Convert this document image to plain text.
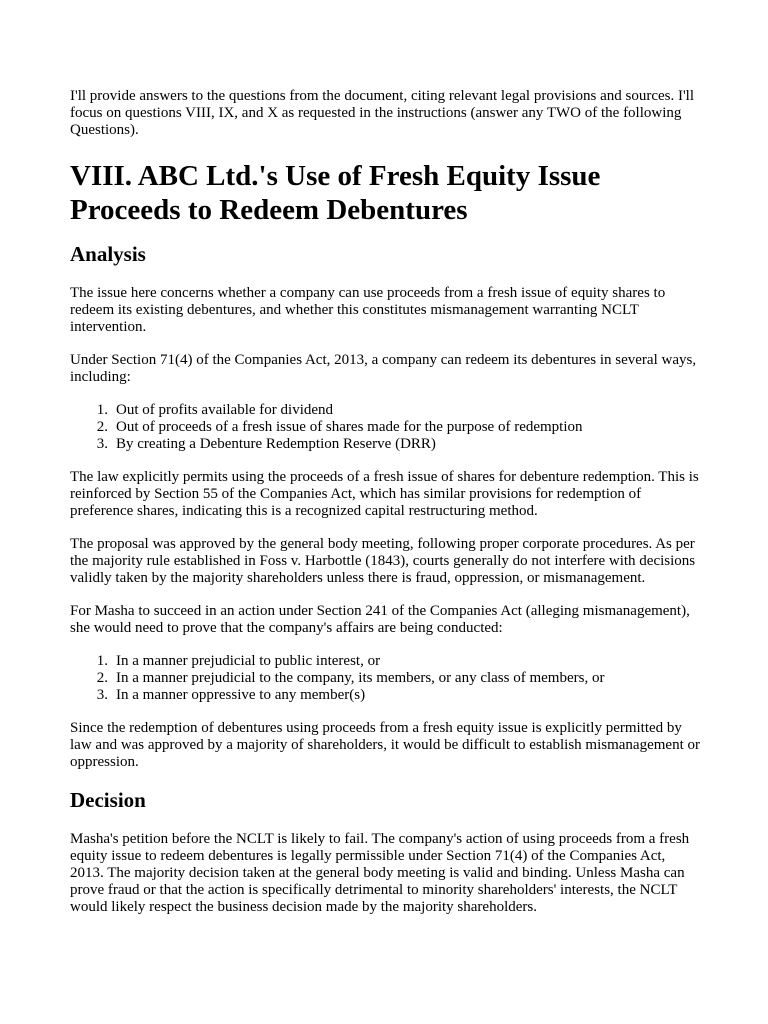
I'll provide answers to the questions from the document, citing relevant legal provisions and sources. I'll focus on questions VIII, IX, and X as requested in the instructions (answer any TWO of the following Questions).

VIII. ABC Ltd.'s Use of Fresh Equity Issue Proceeds to Redeem Debentures
Analysis

The issue here concerns whether a company can use proceeds from a fresh issue of equity shares to redeem its existing debentures, and whether this constitutes mismanagement warranting NCLT intervention.

Under Section 71(4) of the Companies Act, 2013, a company can redeem its debentures in several ways, including:

1. Out of profits available for dividend
2. Out of proceeds of a fresh issue of shares made for the purpose of redemption
3. By creating a Debenture Redemption Reserve (DRR)

The law explicitly permits using the proceeds of a fresh issue of shares for debenture redemption. This is reinforced by Section 55 of the Companies Act, which has similar provisions for redemption of preference shares, indicating this is a recognized capital restructuring method.

The proposal was approved by the general body meeting, following proper corporate procedures. As per the majority rule established in Foss v. Harbottle (1843), courts generally do not interfere with decisions validly taken by the majority shareholders unless there is fraud, oppression, or mismanagement.

For Masha to succeed in an action under Section 241 of the Companies Act (alleging mismanagement), she would need to prove that the company's affairs are being conducted:

1. In a manner prejudicial to public interest, or
2. In a manner prejudicial to the company, its members, or any class of members, or
3. In a manner oppressive to any member(s)

Since the redemption of debentures using proceeds from a fresh equity issue is explicitly permitted by law and was approved by a majority of shareholders, it would be difficult to establish mismanagement or oppression.

Decision

Masha's petition before the NCLT is likely to fail. The company's action of using proceeds from a fresh equity issue to redeem debentures is legally permissible under Section 71(4) of the Companies Act, 2013. The majority decision taken at the general body meeting is valid and binding. Unless Masha can prove fraud or that the action is specifically detrimental to minority shareholders' interests, the NCLT would likely respect the business decision made by the majority shareholders.
